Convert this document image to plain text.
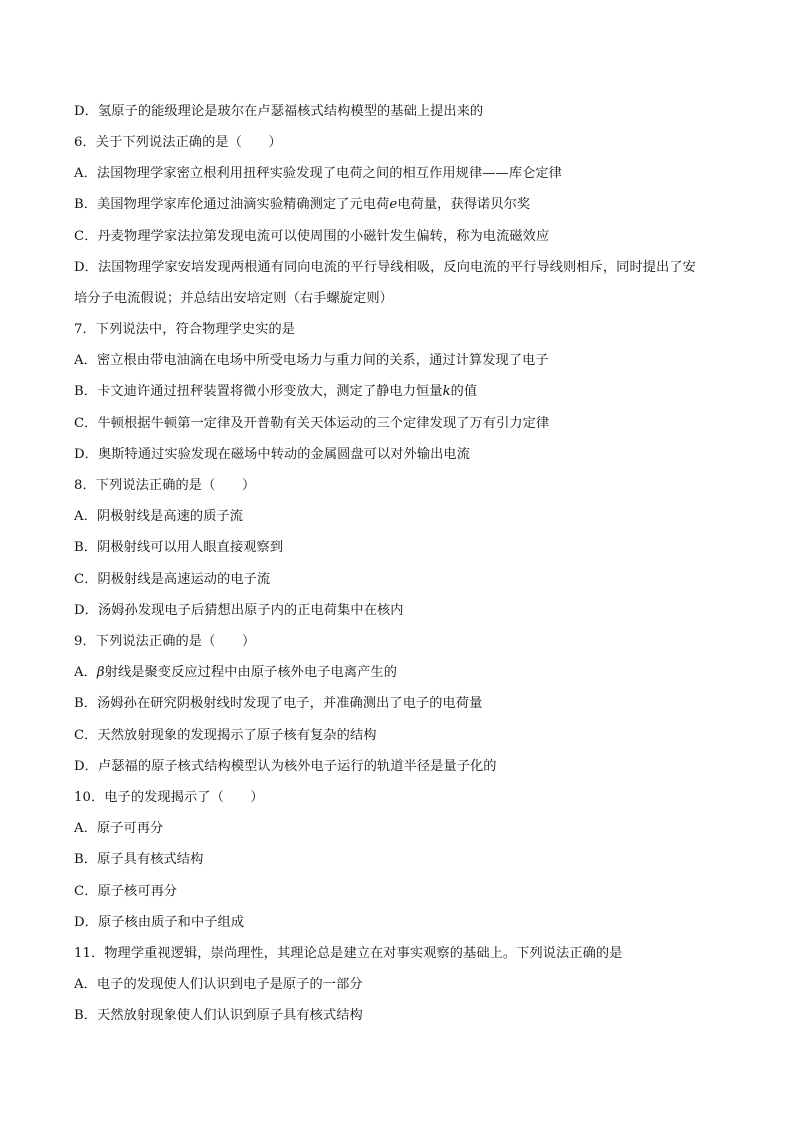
D．氢原子的能级理论是玻尔在卢瑟福核式结构模型的基础上提出来的
6．关于下列说法正确的是（　　）
A．法国物理学家密立根利用扭秤实验发现了电荷之间的相互作用规律——库仑定律
B．美国物理学家库伦通过油滴实验精确测定了元电荷e电荷量，获得诺贝尔奖
C．丹麦物理学家法拉第发现电流可以使周围的小磁针发生偏转，称为电流磁效应
D．法国物理学家安培发现两根通有同向电流的平行导线相吸，反向电流的平行导线则相斥，同时提出了安
培分子电流假说；并总结出安培定则（右手螺旋定则）
7．下列说法中，符合物理学史实的是
A．密立根由带电油滴在电场中所受电场力与重力间的关系，通过计算发现了电子
B．卡文迪许通过扭秤装置将微小形变放大，测定了静电力恒量k的值
C．牛顿根据牛顿第一定律及开普勒有关天体运动的三个定律发现了万有引力定律
D．奥斯特通过实验发现在磁场中转动的金属圆盘可以对外输出电流
8．下列说法正确的是（　　）
A．阴极射线是高速的质子流
B．阴极射线可以用人眼直接观察到
C．阴极射线是高速运动的电子流
D．汤姆孙发现电子后猜想出原子内的正电荷集中在核内
9．下列说法正确的是（　　）
A．β射线是聚变反应过程中由原子核外电子电离产生的
B．汤姆孙在研究阴极射线时发现了电子，并准确测出了电子的电荷量
C．天然放射现象的发现揭示了原子核有复杂的结构
D．卢瑟福的原子核式结构模型认为核外电子运行的轨道半径是量子化的
10．电子的发现揭示了（　　）
A．原子可再分
B．原子具有核式结构
C．原子核可再分
D．原子核由质子和中子组成
11．物理学重视逻辑，崇尚理性，其理论总是建立在对事实观察的基础上。下列说法正确的是
A．电子的发现使人们认识到电子是原子的一部分
B．天然放射现象使人们认识到原子具有核式结构
